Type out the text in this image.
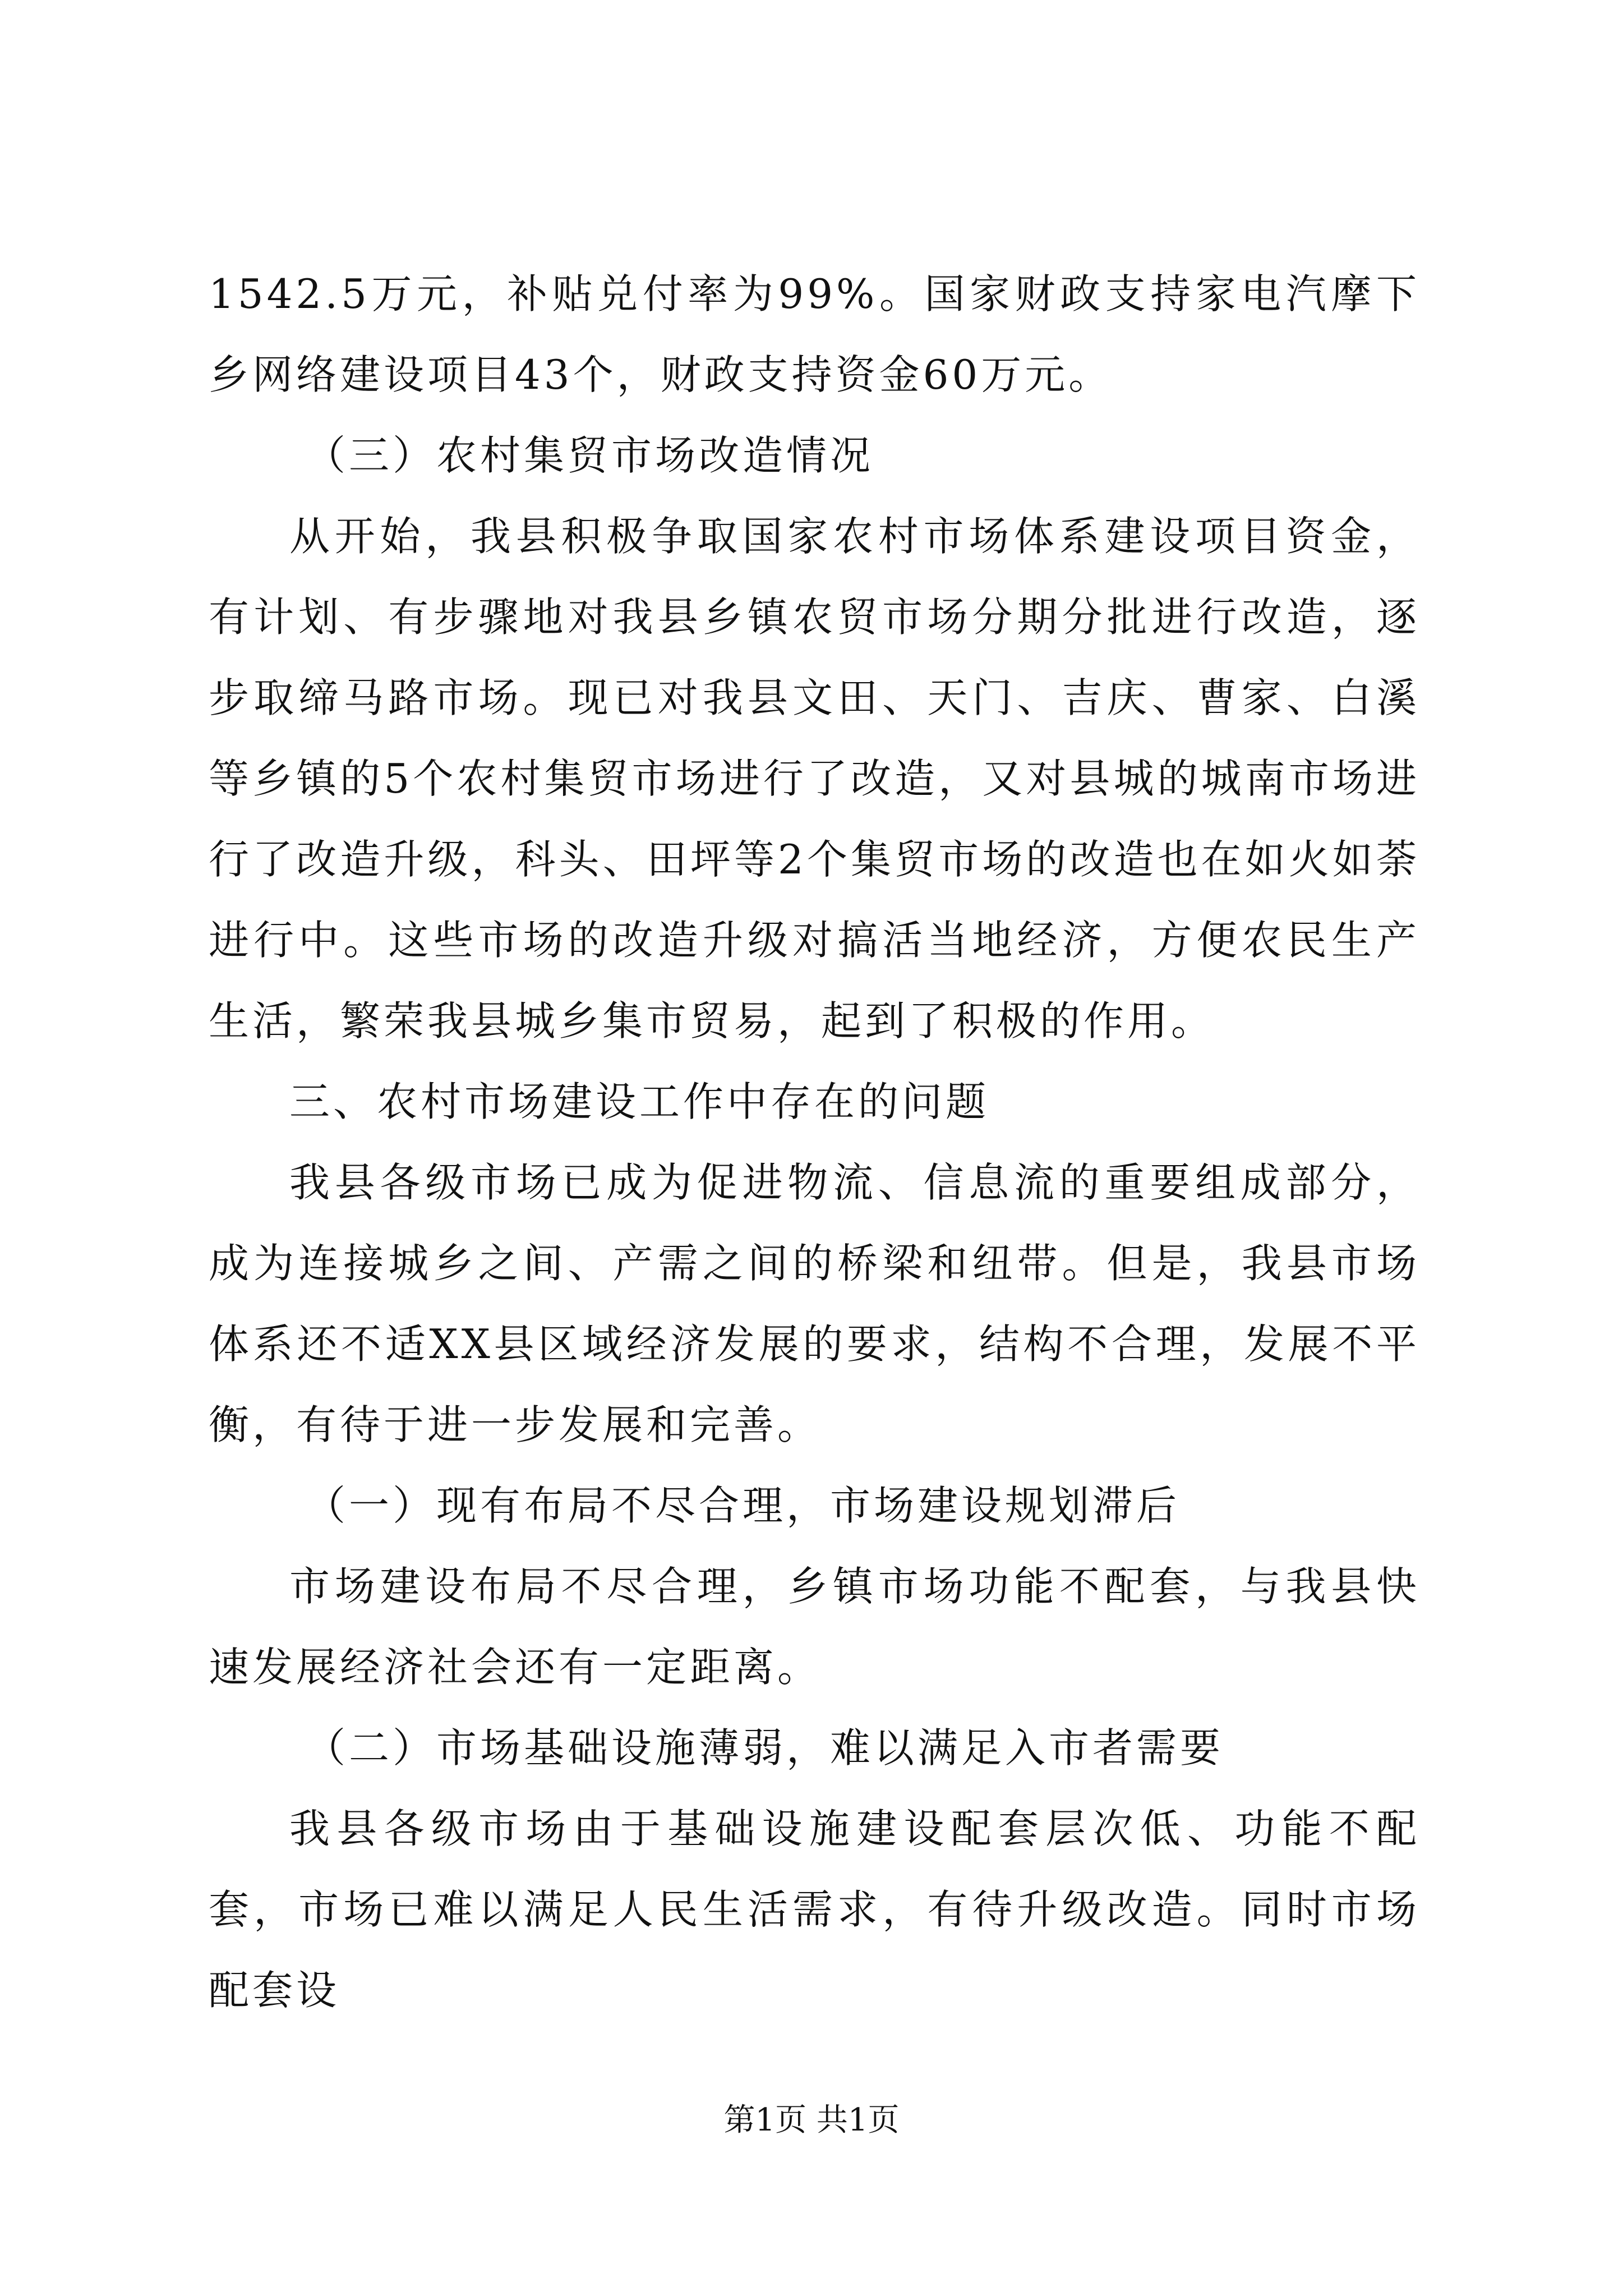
1542.5万元，补贴兑付率为99%。国家财政支持家电汽摩下乡网络建设项目43个，财政支持资金60万元。

（三）农村集贸市场改造情况

从开始，我县积极争取国家农村市场体系建设项目资金，有计划、有步骤地对我县乡镇农贸市场分期分批进行改造，逐步取缔马路市场。现已对我县文田、天门、吉庆、曹家、白溪等乡镇的5个农村集贸市场进行了改造，又对县城的城南市场进行了改造升级，科头、田坪等2个集贸市场的改造也在如火如荼进行中。这些市场的改造升级对搞活当地经济，方便农民生产生活，繁荣我县城乡集市贸易，起到了积极的作用。

三、农村市场建设工作中存在的问题

我县各级市场已成为促进物流、信息流的重要组成部分，成为连接城乡之间、产需之间的桥梁和纽带。但是，我县市场体系还不适XX县区域经济发展的要求，结构不合理，发展不平衡，有待于进一步发展和完善。

（一）现有布局不尽合理，市场建设规划滞后

市场建设布局不尽合理，乡镇市场功能不配套，与我县快速发展经济社会还有一定距离。

（二）市场基础设施薄弱，难以满足入市者需要

我县各级市场由于基础设施建设配套层次低、功能不配套，市场已难以满足人民生活需求，有待升级改造。同时市场配套设

第1页 共1页
